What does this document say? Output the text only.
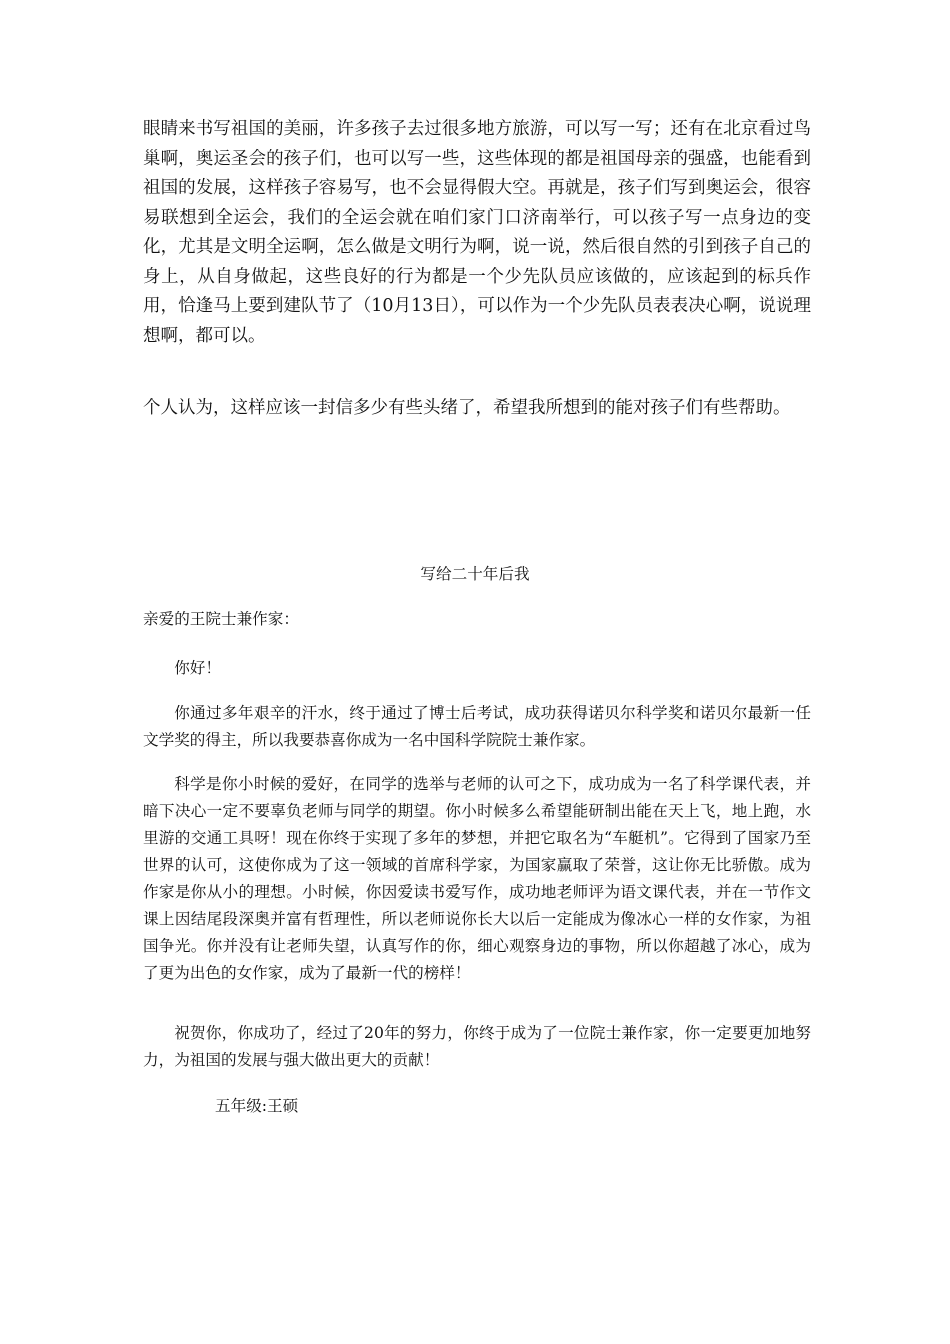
眼睛来书写祖国的美丽，许多孩子去过很多地方旅游，可以写一写；还有在北京看过鸟巢啊，奥运圣会的孩子们，也可以写一些，这些体现的都是祖国母亲的强盛，也能看到祖国的发展，这样孩子容易写，也不会显得假大空。再就是，孩子们写到奥运会，很容易联想到全运会，我们的全运会就在咱们家门口济南举行，可以孩子写一点身边的变化，尤其是文明全运啊，怎么做是文明行为啊，说一说，然后很自然的引到孩子自己的身上，从自身做起，这些良好的行为都是一个少先队员应该做的，应该起到的标兵作用，恰逢马上要到建队节了（10月13日），可以作为一个少先队员表表决心啊，说说理想啊，都可以。

个人认为，这样应该一封信多少有些头绪了，希望我所想到的能对孩子们有些帮助。

写给二十年后我

亲爱的王院士兼作家：

你好！

你通过多年艰辛的汗水，终于通过了博士后考试，成功获得诺贝尔科学奖和诺贝尔最新一任文学奖的得主，所以我要恭喜你成为一名中国科学院院士兼作家。

科学是你小时候的爱好，在同学的选举与老师的认可之下，成功成为一名了科学课代表，并暗下决心一定不要辜负老师与同学的期望。你小时候多么希望能研制出能在天上飞，地上跑，水里游的交通工具呀！现在你终于实现了多年的梦想，并把它取名为“车艇机”。它得到了国家乃至世界的认可，这使你成为了这一领域的首席科学家，为国家赢取了荣誉，这让你无比骄傲。成为作家是你从小的理想。小时候，你因爱读书爱写作，成功地老师评为语文课代表，并在一节作文课上因结尾段深奥并富有哲理性，所以老师说你长大以后一定能成为像冰心一样的女作家，为祖国争光。你并没有让老师失望，认真写作的你，细心观察身边的事物，所以你超越了冰心，成为了更为出色的女作家，成为了最新一代的榜样！

祝贺你，你成功了，经过了20年的努力，你终于成为了一位院士兼作家，你一定要更加地努力，为祖国的发展与强大做出更大的贡献！

五年级:王硕
